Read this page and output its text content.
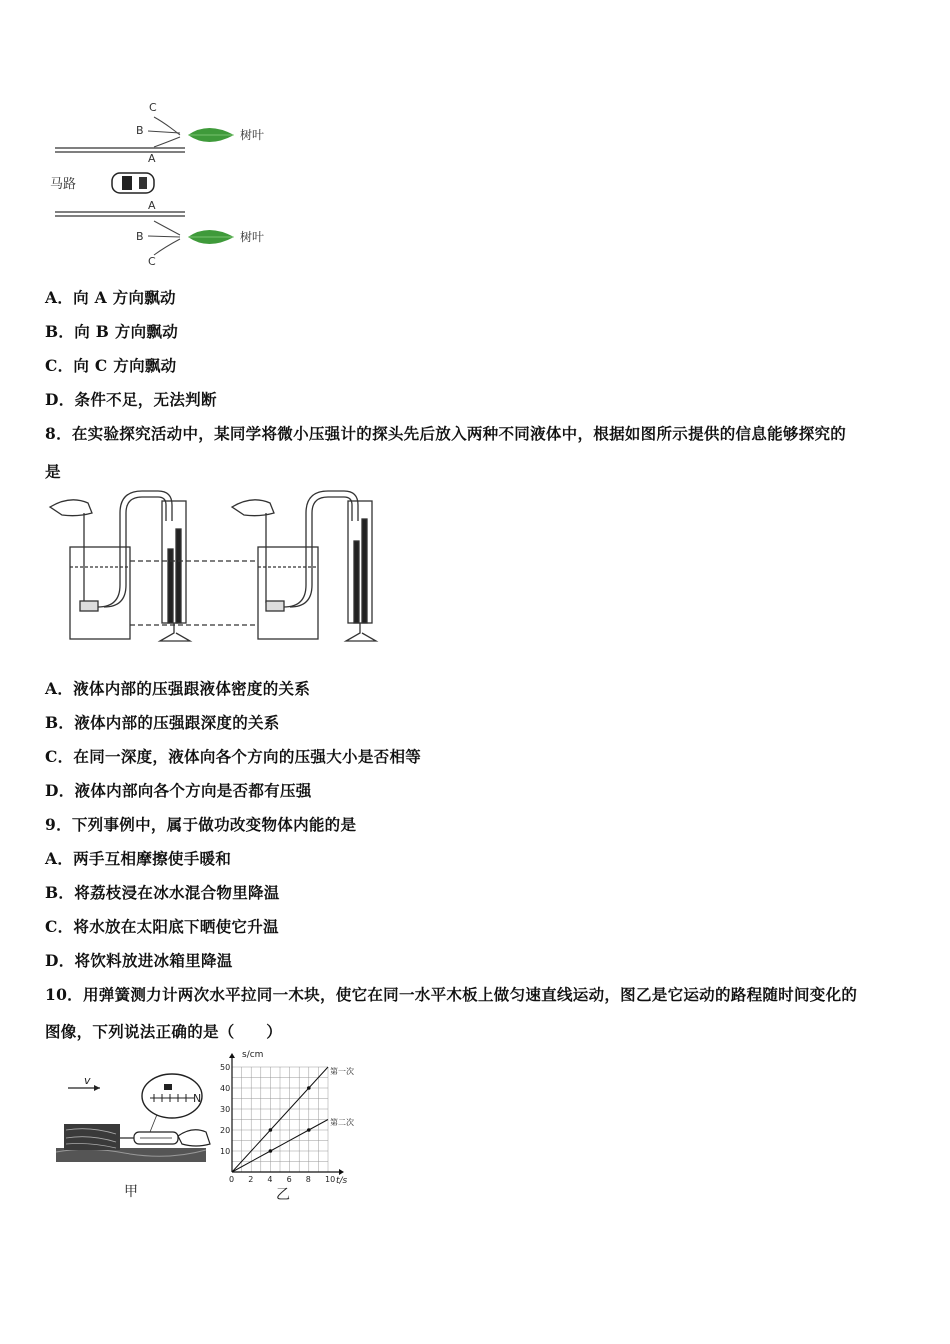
马路
C
B
A
树叶
A
B
C
树叶
A．向 A 方向飘动
B．向 B 方向飘动
C．向 C 方向飘动
D．条件不足，无法判断
8．在实验探究活动中，某同学将微小压强计的探头先后放入两种不同液体中，根据如图所示提供的信息能够探究的
是
A．液体内部的压强跟液体密度的关系
B．液体内部的压强跟深度的关系
C．在同一深度，液体向各个方向的压强大小是否相等
D．液体内部向各个方向是否都有压强
9．下列事例中，属于做功改变物体内能的是
A．两手互相摩擦使手暖和
B．将荔枝浸在冰水混合物里降温
C．将水放在太阳底下晒使它升温
D．将饮料放进冰箱里降温
10．用弹簧测力计两次水平拉同一木块，使它在同一水平木板上做匀速直线运动，图乙是它运动的路程随时间变化的
图像，下列说法正确的是（　　）
v
N
甲
0 2 4 6 8 10
10
20
30
40
50
s/cm
t/s
第一次
第二次
乙
